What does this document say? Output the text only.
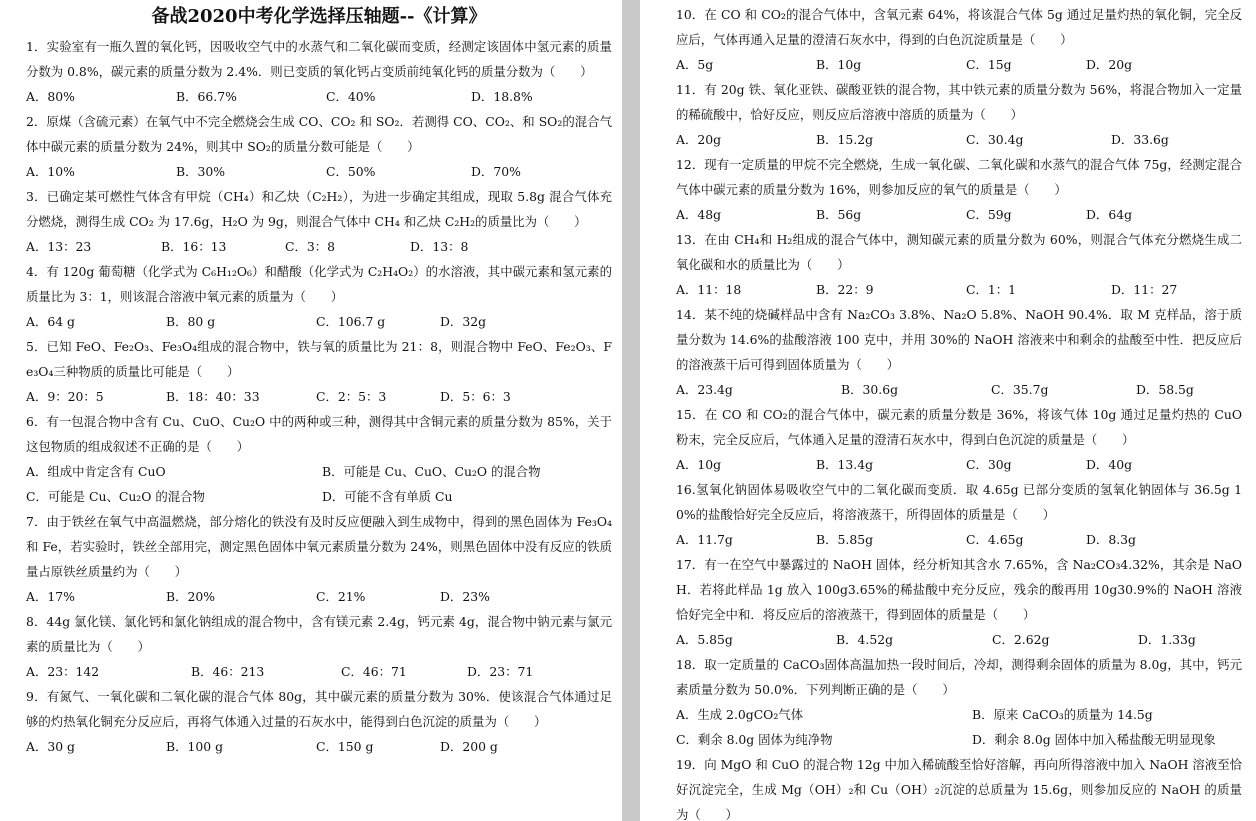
备战2020中考化学选择压轴题--《计算》

1．实验室有一瓶久置的氧化钙，因吸收空气中的水蒸气和二氧化碳而变质，经测定该固体中氢元素的质量分数为 0.8%，碳元素的质量分数为 2.4%．则已变质的氧化钙占变质前纯氧化钙的质量分数为（　　）

A．80%	B．66.7%	C．40%	D．18.8%

2．原煤（含硫元素）在氧气中不完全燃烧会生成 CO、CO₂ 和 SO₂．若测得 CO、CO₂、和 SO₂的混合气体中碳元素的质量分数为 24%，则其中 SO₂的质量分数可能是（　　）

A．10%	B．30%	C．50%	D．70%

3．已确定某可燃性气体含有甲烷（CH₄）和乙炔（C₂H₂），为进一步确定其组成，现取 5.8g 混合气体充分燃烧，测得生成 CO₂ 为 17.6g，H₂O 为 9g，则混合气体中 CH₄ 和乙炔 C₂H₂的质量比为（　　）

A．13：23	B．16：13	C．3：8	D．13：8

4．有 120g 葡萄糖（化学式为 C₆H₁₂O₆）和醋酸（化学式为 C₂H₄O₂）的水溶液，其中碳元素和氢元素的质量比为 3：1，则该混合溶液中氧元素的质量为（　　）

A．64 g	B．80 g	C．106.7 g	D．32g

5．已知 FeO、Fe₂O₃、Fe₃O₄组成的混合物中，铁与氧的质量比为 21：8，则混合物中 FeO、Fe₂O₃、Fe₃O₄三种物质的质量比可能是（　　）

A．9：20：5	B．18：40：33	C．2：5：3	D．5：6：3

6．有一包混合物中含有 Cu、CuO、Cu₂O 中的两种或三种，测得其中含铜元素的质量分数为 85%，关于这包物质的组成叙述不正确的是（　　）

A．组成中肯定含有 CuO	B．可能是 Cu、CuO、Cu₂O 的混合物
C．可能是 Cu、Cu₂O 的混合物	D．可能不含有单质 Cu

7．由于铁丝在氧气中高温燃烧，部分熔化的铁没有及时反应便融入到生成物中，得到的黑色固体为 Fe₃O₄和 Fe，若实验时，铁丝全部用完，测定黑色固体中氧元素质量分数为 24%，则黑色固体中没有反应的铁质量占原铁丝质量约为（　　）

A．17%	B．20%	C．21%	D．23%

8．44g 氯化镁、氯化钙和氯化钠组成的混合物中，含有镁元素 2.4g，钙元素 4g，混合物中钠元素与氯元素的质量比为（　　）

A．23：142	B．46：213	C．46：71	D．23：71

9．有氮气、一氧化碳和二氧化碳的混合气体 80g，其中碳元素的质量分数为 30%．使该混合气体通过足够的灼热氧化铜充分反应后，再将气体通入过量的石灰水中，能得到白色沉淀的质量为（　　）

A．30 g	B．100 g	C．150 g	D．200 g

10．在 CO 和 CO₂的混合气体中，含氧元素 64%，将该混合气体 5g 通过足量灼热的氧化铜，完全反应后，气体再通入足量的澄清石灰水中，得到的白色沉淀质量是（　　）

A．5g	B．10g	C．15g	D．20g

11．有 20g 铁、氧化亚铁、碳酸亚铁的混合物，其中铁元素的质量分数为 56%，将混合物加入一定量的稀硫酸中，恰好反应，则反应后溶液中溶质的质量为（　　）

A．20g	B．15.2g	C．30.4g	D．33.6g

12．现有一定质量的甲烷不完全燃烧，生成一氧化碳、二氧化碳和水蒸气的混合气体 75g，经测定混合气体中碳元素的质量分数为 16%，则参加反应的氧气的质量是（　　）

A．48g	B．56g	C．59g	D．64g

13．在由 CH₄和 H₂组成的混合气体中，测知碳元素的质量分数为 60%，则混合气体充分燃烧生成二氧化碳和水的质量比为（　　）

A．11：18	B．22：9	C．1：1	D．11：27

14．某不纯的烧碱样品中含有 Na₂CO₃ 3.8%、Na₂O 5.8%、NaOH 90.4%．取 M 克样品，溶于质量分数为 14.6%的盐酸溶液 100 克中，并用 30%的 NaOH 溶液来中和剩余的盐酸至中性．把反应后的溶液蒸干后可得到固体质量为（　　）

A．23.4g	B．30.6g	C．35.7g	D．58.5g

15．在 CO 和 CO₂的混合气体中，碳元素的质量分数是 36%，将该气体 10g 通过足量灼热的 CuO 粉末，完全反应后，气体通入足量的澄清石灰水中，得到白色沉淀的质量是（　　）

A．10g	B．13.4g	C．30g	D．40g

16.氢氧化钠固体易吸收空气中的二氧化碳而变质．取 4.65g 已部分变质的氢氧化钠固体与 36.5g 10%的盐酸恰好完全反应后，将溶液蒸干，所得固体的质量是（　　）

A．11.7g	B．5.85g	C．4.65g	D．8.3g

17．有一在空气中暴露过的 NaOH 固体，经分析知其含水 7.65%，含 Na₂CO₃4.32%，其余是 NaOH．若将此样品 1g 放入 100g3.65%的稀盐酸中充分反应，残余的酸再用 10g30.9%的 NaOH 溶液恰好完全中和．将反应后的溶液蒸干，得到固体的质量是（　　）

A．5.85g	B．4.52g	C．2.62g	D．1.33g

18．取一定质量的 CaCO₃固体高温加热一段时间后，冷却，测得剩余固体的质量为 8.0g，其中，钙元素质量分数为 50.0%．下列判断正确的是（　　）

A．生成 2.0gCO₂气体	B．原来 CaCO₃的质量为 14.5g
C．剩余 8.0g 固体为纯净物	D．剩余 8.0g 固体中加入稀盐酸无明显现象

19．向 MgO 和 CuO 的混合物 12g 中加入稀硫酸至恰好溶解，再向所得溶液中加入 NaOH 溶液至恰好沉淀完全，生成 Mg（OH）₂和 Cu（OH）₂沉淀的总质量为 15.6g，则参加反应的 NaOH 的质量为（　　）
